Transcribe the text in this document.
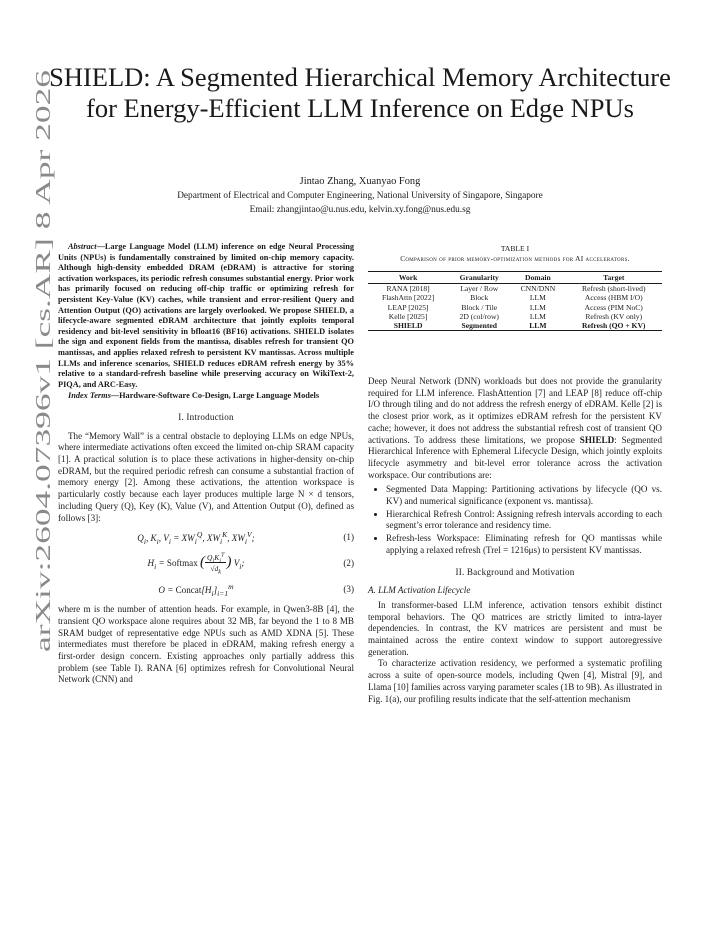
arXiv:2604.07396v1 [cs.AR] 8 Apr 2026
SHIELD: A Segmented Hierarchical Memory Architecture for Energy-Efficient LLM Inference on Edge NPUs
Jintao Zhang, Xuanyao Fong
Department of Electrical and Computer Engineering, National University of Singapore, Singapore
Email: zhangjintao@u.nus.edu, kelvin.xy.fong@nus.edu.sg
Abstract—Large Language Model (LLM) inference on edge Neural Processing Units (NPUs) is fundamentally constrained by limited on-chip memory capacity. Although high-density embedded DRAM (eDRAM) is attractive for storing activation workspaces, its periodic refresh consumes substantial energy. Prior work has primarily focused on reducing off-chip traffic or optimizing refresh for persistent Key-Value (KV) caches, while transient and error-resilient Query and Attention Output (QO) activations are largely overlooked. We propose SHIELD, a lifecycle-aware segmented eDRAM architecture that jointly exploits temporal residency and bit-level sensitivity in bfloat16 (BF16) activations. SHIELD isolates the sign and exponent fields from the mantissa, disables refresh for transient QO mantissas, and applies relaxed refresh to persistent KV mantissas. Across multiple LLMs and inference scenarios, SHIELD reduces eDRAM refresh energy by 35% relative to a standard-refresh baseline while preserving accuracy on WikiText-2, PIQA, and ARC-Easy.
Index Terms—Hardware-Software Co-Design, Large Language Models
I. Introduction

The “Memory Wall” is a central obstacle to deploying LLMs on edge NPUs, where intermediate activations often exceed the limited on-chip SRAM capacity [1]. A practical solution is to place these activations in higher-density on-chip eDRAM, but the required periodic refresh can consume a substantial fraction of memory energy [2]. Among these activations, the attention workspace is particularly costly because each layer produces multiple large N × d tensors, including Query (Q), Key (K), Value (V), and Attention Output (O), defined as follows [3]:

$Q_i$, $K_i$, $V_i = XW_i^Q$, $XW_i^K$, $XW_i^V$;	(1)
$H_i$ = Softmax $(\frac{Q_iK_i^T}{√d_k})$ $V_i$;	(2)
$O = Concat[H_i]_{i=1}^m$	(3)

where m is the number of attention heads. For example, in Qwen3-8B [4], the transient QO workspace alone requires about 32 MB, far beyond the 1 to 8 MB SRAM budget of representative edge NPUs such as AMD XDNA [5]. These intermediates must therefore be placed in eDRAM, making refresh energy a first-order design concern. Existing approaches only partially address this problem (see Table I). RANA [6] optimizes refresh for Convolutional Neural Network (CNN) and

TABLE I
Comparison of prior memory-optimization methods for AI accelerators.
Work	Granularity	Domain	Target
RANA [2018]	Layer / Row	CNN/DNN	Refresh (short-lived)
FlashAttn [2022]	Block	LLM	Access (HBM I/O)
LEAP [2025]	Block / Tile	LLM	Access (PIM NoC)
Kelle [2025]	2D (col/row)	LLM	Refresh (KV only)
SHIELD	Segmented	LLM	Refresh (QO + KV)

Deep Neural Network (DNN) workloads but does not provide the granularity required for LLM inference. FlashAttention [7] and LEAP [8] reduce off-chip I/O through tiling and do not address the refresh energy of eDRAM. Kelle [2] is the closest prior work, as it optimizes eDRAM refresh for the persistent KV cache; however, it does not address the substantial refresh cost of transient QO activations. To address these limitations, we propose SHIELD: Segmented Hierarchical Inference with Ephemeral Lifecycle Design, which jointly exploits lifecycle asymmetry and bit-level error tolerance across the activation workspace. Our contributions are:

• Segmented Data Mapping: Partitioning activations by lifecycle (QO vs. KV) and numerical significance (exponent vs. mantissa).
• Hierarchical Refresh Control: Assigning refresh intervals according to each segment’s error tolerance and residency time.
• Refresh-less Workspace: Eliminating refresh for QO mantissas while applying a relaxed refresh (Trel = 1216μs) to persistent KV mantissas.
II. Background and Motivation
A. LLM Activation Lifecycle

In transformer-based LLM inference, activation tensors exhibit distinct temporal behaviors. The QO matrices are strictly limited to intra-layer dependencies. In contrast, the KV matrices are persistent and must be maintained across the entire context window to support autoregressive generation.

To characterize activation residency, we performed a systematic profiling across a suite of open-source models, including Qwen [4], Mistral [9], and Llama [10] families across varying parameter scales (1B to 9B). As illustrated in Fig. 1(a), our profiling results indicate that the self-attention mechanism
